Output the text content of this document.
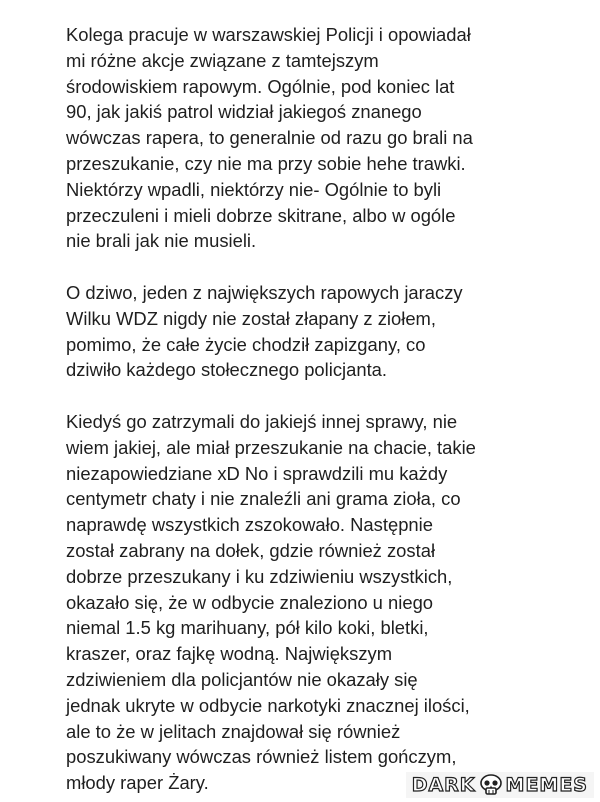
Kolega pracuje w warszawskiej Policji i opowiadał
mi różne akcje związane z tamtejszym
środowiskiem rapowym. Ogólnie, pod koniec lat
90, jak jakiś patrol widział jakiegoś znanego
wówczas rapera, to generalnie od razu go brali na
przeszukanie, czy nie ma przy sobie hehe trawki.
Niektórzy wpadli, niektórzy nie- Ogólnie to byli
przeczuleni i mieli dobrze skitrane, albo w ogóle
nie brali jak nie musieli.

O dziwo, jeden z największych rapowych jaraczy
Wilku WDZ nigdy nie został złapany z ziołem,
pomimo, że całe życie chodził zapizgany, co
dziwiło każdego stołecznego policjanta.

Kiedyś go zatrzymali do jakiejś innej sprawy, nie
wiem jakiej, ale miał przeszukanie na chacie, takie
niezapowiedziane xD No i sprawdzili mu każdy
centymetr chaty i nie znaleźli ani grama zioła, co
naprawdę wszystkich zszokowało. Następnie
został zabrany na dołek, gdzie również został
dobrze przeszukany i ku zdziwieniu wszystkich,
okazało się, że w odbycie znaleziono u niego
niemal 1.5 kg marihuany, pół kilo koki, bletki,
kraszer, oraz fajkę wodną. Największym
zdziwieniem dla policjantów nie okazały się
jednak ukryte w odbycie narkotyki znacznej ilości,
ale to że w jelitach znajdował się również
poszukiwany wówczas również listem gończym,
młody raper Żary.	DARK MEMES
